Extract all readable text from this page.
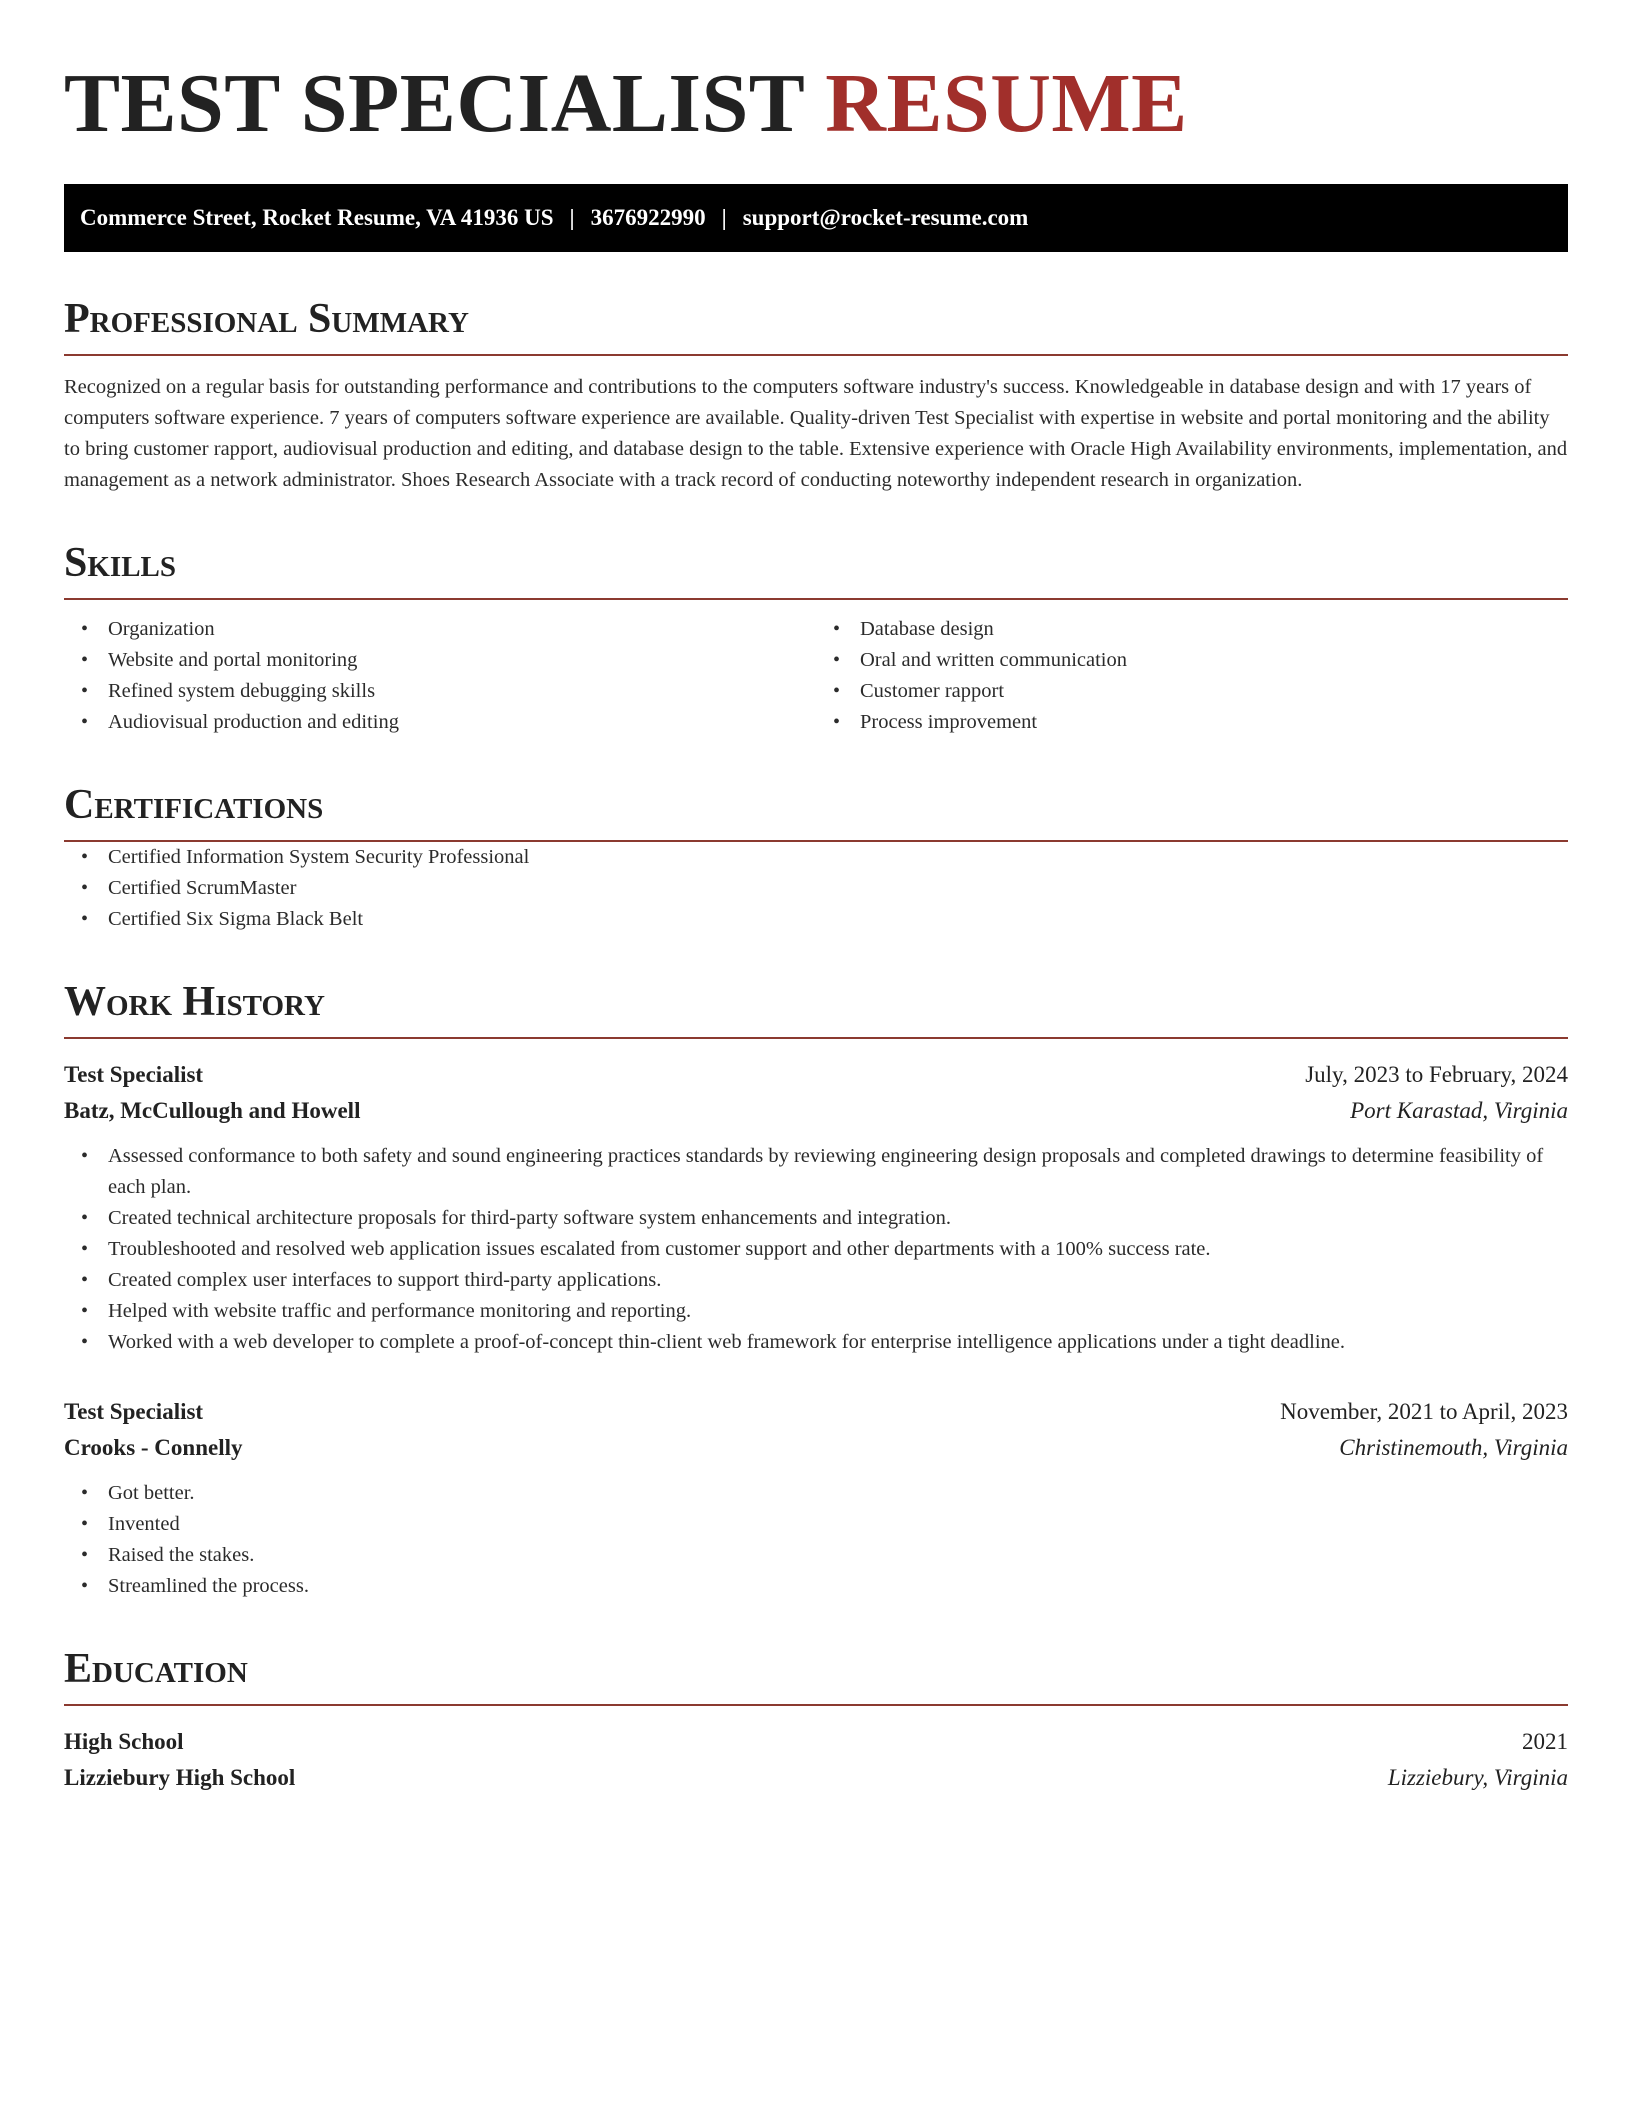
TEST SPECIALIST RESUME
Commerce Street, Rocket Resume, VA 41936 US | 3676922990 | support@rocket-resume.com
Professional Summary

Recognized on a regular basis for outstanding performance and contributions to the computers software industry's success. Knowledgeable in database design and with 17 years of computers software experience. 7 years of computers software experience are available. Quality-driven Test Specialist with expertise in website and portal monitoring and the ability to bring customer rapport, audiovisual production and editing, and database design to the table. Extensive experience with Oracle High Availability environments, implementation, and management as a network administrator. Shoes Research Associate with a track record of conducting noteworthy independent research in organization.

Skills
• Organization
• Website and portal monitoring
• Refined system debugging skills
• Audiovisual production and editing
• Database design
• Oral and written communication
• Customer rapport
• Process improvement
Certifications
• Certified Information System Security Professional
• Certified ScrumMaster
• Certified Six Sigma Black Belt
Work History
Test Specialist	July, 2023 to February, 2024
Batz, McCullough and Howell	Port Karastad, Virginia
• Assessed conformance to both safety and sound engineering practices standards by reviewing engineering design proposals and completed drawings to determine feasibility of each plan.
• Created technical architecture proposals for third-party software system enhancements and integration.
• Troubleshooted and resolved web application issues escalated from customer support and other departments with a 100% success rate.
• Created complex user interfaces to support third-party applications.
• Helped with website traffic and performance monitoring and reporting.
• Worked with a web developer to complete a proof-of-concept thin-client web framework for enterprise intelligence applications under a tight deadline.
Test Specialist	November, 2021 to April, 2023
Crooks - Connelly	Christinemouth, Virginia
• Got better.
• Invented
• Raised the stakes.
• Streamlined the process.
Education
High School	2021
Lizziebury High School	Lizziebury, Virginia
